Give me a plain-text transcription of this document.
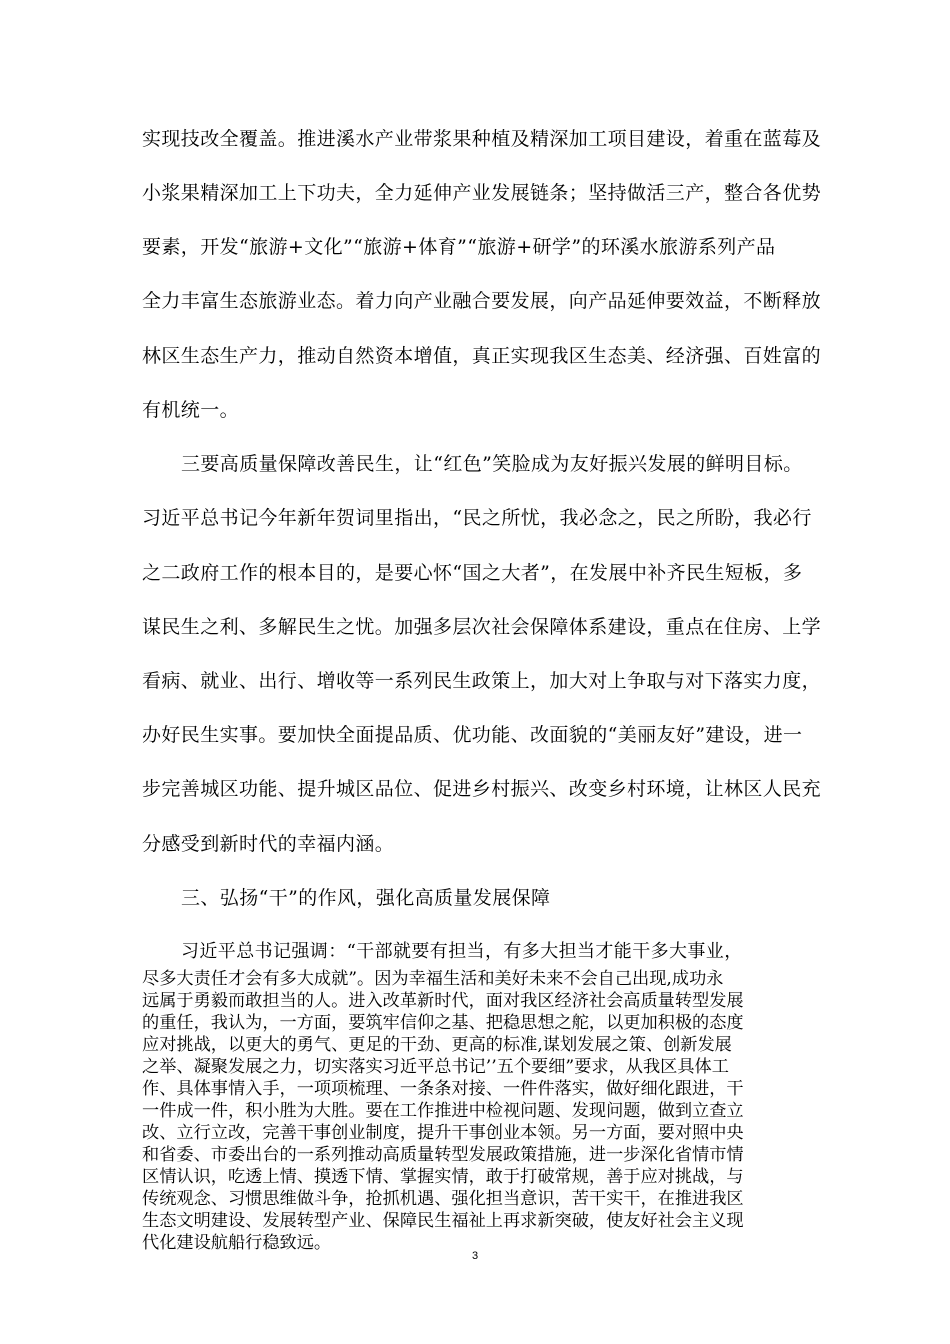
实现技改全覆盖。推进溪水产业带浆果种植及精深加工项目建设，着重在蓝莓及
小浆果精深加工上下功夫，全力延伸产业发展链条；坚持做活三产，整合各优势
要素，开发“旅游+文化”“旅游+体育”“旅游+研学”的环溪水旅游系列产品
全力丰富生态旅游业态。着力向产业融合要发展，向产品延伸要效益，不断释放
林区生态生产力，推动自然资本增值，真正实现我区生态美、经济强、百姓富的
有机统一。
三要高质量保障改善民生，让“红色”笑脸成为友好振兴发展的鲜明目标。
习近平总书记今年新年贺词里指出，“民之所忧，我必念之，民之所盼，我必行
之二政府工作的根本目的，是要心怀“国之大者”，在发展中补齐民生短板，多
谋民生之利、多解民生之忧。加强多层次社会保障体系建设，重点在住房、上学
看病、就业、出行、增收等一系列民生政策上，加大对上争取与对下落实力度，
办好民生实事。要加快全面提品质、优功能、改面貌的“美丽友好”建设，进一
步完善城区功能、提升城区品位、促进乡村振兴、改变乡村环境，让林区人民充
分感受到新时代的幸福内涵。
三、弘扬“干”的作风，强化高质量发展保障
习近平总书记强调：“干部就要有担当，有多大担当才能干多大事业，
尽多大责任才会有多大成就”。因为幸福生活和美好未来不会自己出现,成功永
远属于勇毅而敢担当的人。进入改革新时代，面对我区经济社会高质量转型发展
的重任，我认为，一方面，要筑牢信仰之基、把稳思想之舵，以更加积极的态度
应对挑战，以更大的勇气、更足的干劲、更高的标准,谋划发展之策、创新发展
之举、凝聚发展之力，切实落实习近平总书记’’五个要细”要求，从我区具体工
作、具体事情入手，一项项梳理、一条条对接、一件件落实，做好细化跟进，干
一件成一件，积小胜为大胜。要在工作推进中检视问题、发现问题，做到立查立
改、立行立改，完善干事创业制度，提升干事创业本领。另一方面，要对照中央
和省委、市委出台的一系列推动高质量转型发展政策措施，进一步深化省情市情
区情认识，吃透上情、摸透下情、掌握实情，敢于打破常规，善于应对挑战，与
传统观念、习惯思维做斗争，抢抓机遇、强化担当意识，苦干实干，在推进我区
生态文明建设、发展转型产业、保障民生福祉上再求新突破，使友好社会主义现
代化建设航船行稳致远。
3
